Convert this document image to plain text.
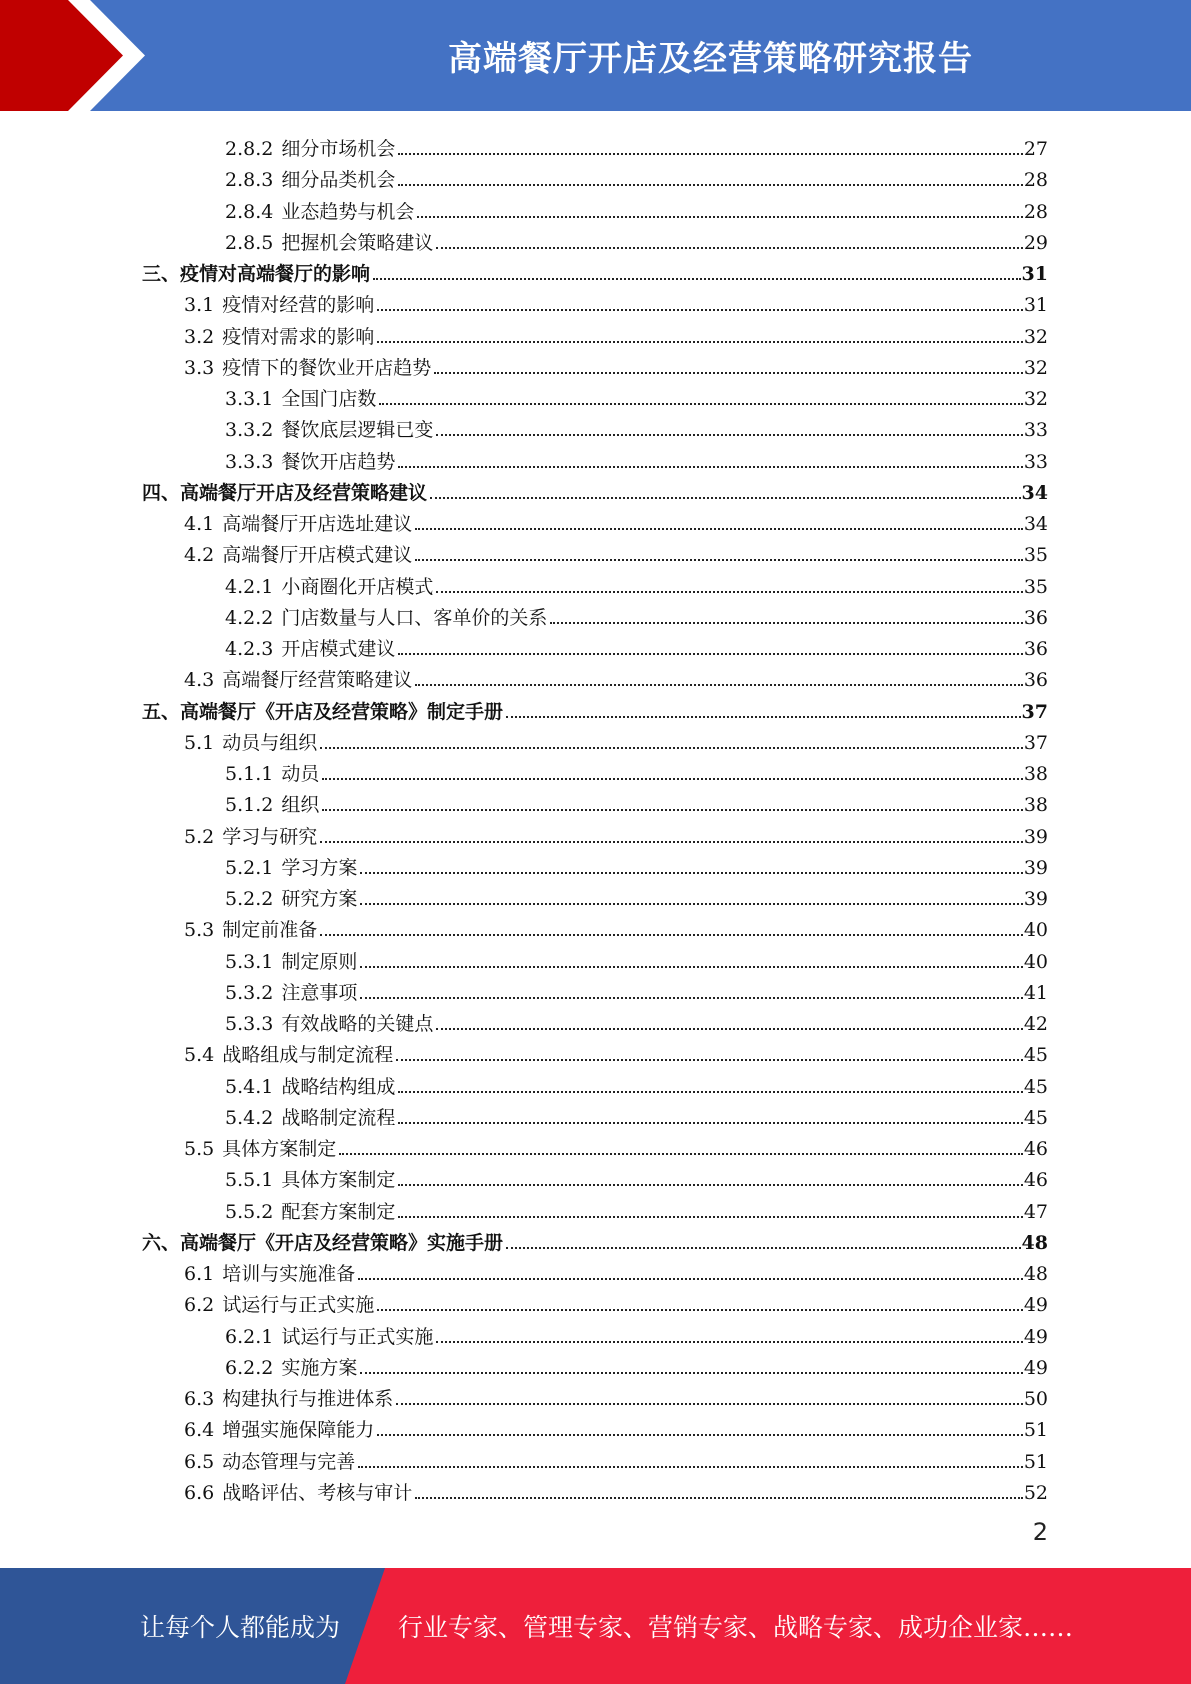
高端餐厅开店及经营策略研究报告
2.8.2 细分市场机会	27
2.8.3 细分品类机会	28
2.8.4 业态趋势与机会	28
2.8.5 把握机会策略建议	29
三、疫情对高端餐厅的影响	31
3.1 疫情对经营的影响	31
3.2 疫情对需求的影响	32
3.3 疫情下的餐饮业开店趋势	32
3.3.1 全国门店数	32
3.3.2 餐饮底层逻辑已变	33
3.3.3 餐饮开店趋势	33
四、高端餐厅开店及经营策略建议	34
4.1 高端餐厅开店选址建议	34
4.2 高端餐厅开店模式建议	35
4.2.1 小商圈化开店模式	35
4.2.2 门店数量与人口、客单价的关系	36
4.2.3 开店模式建议	36
4.3 高端餐厅经营策略建议	36
五、高端餐厅《开店及经营策略》制定手册	37
5.1 动员与组织	37
5.1.1 动员	38
5.1.2 组织	38
5.2 学习与研究	39
5.2.1 学习方案	39
5.2.2 研究方案	39
5.3 制定前准备	40
5.3.1 制定原则	40
5.3.2 注意事项	41
5.3.3 有效战略的关键点	42
5.4 战略组成与制定流程	45
5.4.1 战略结构组成	45
5.4.2 战略制定流程	45
5.5 具体方案制定	46
5.5.1 具体方案制定	46
5.5.2 配套方案制定	47
六、高端餐厅《开店及经营策略》实施手册	48
6.1 培训与实施准备	48
6.2 试运行与正式实施	49
6.2.1 试运行与正式实施	49
6.2.2 实施方案	49
6.3 构建执行与推进体系	50
6.4 增强实施保障能力	51
6.5 动态管理与完善	51
6.6 战略评估、考核与审计	52
2
让每个人都能成为 行业专家、管理专家、营销专家、战略专家、成功企业家……
